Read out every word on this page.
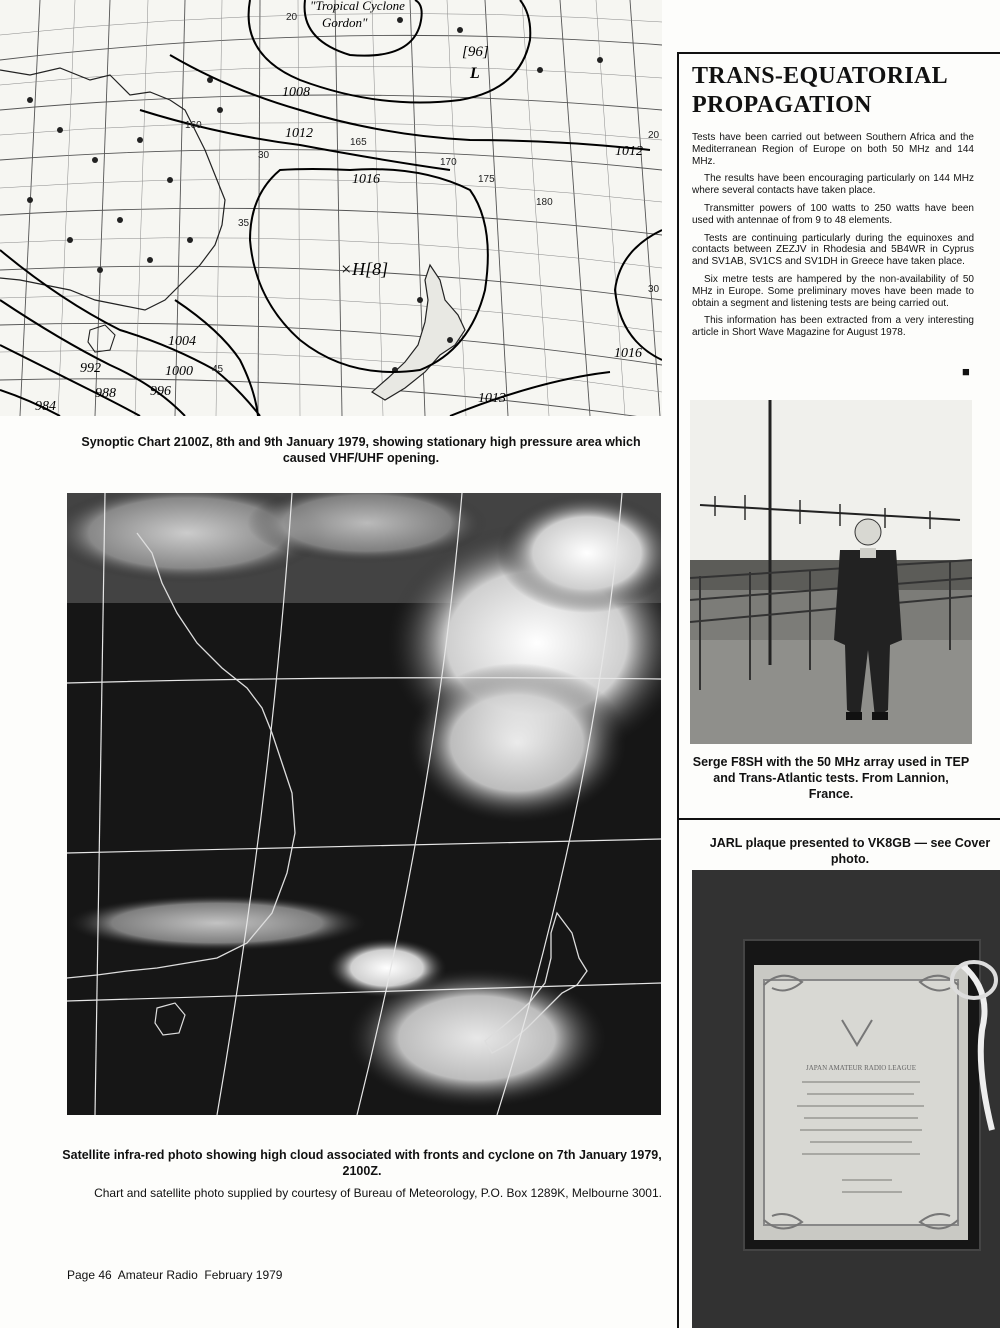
"Tropical Cyclone
Gordon"
[96]
L
×H[8]
1008
1012
1012
1016
1016
1004
1000
996
992
988
984
1013
160
165
170
175
180
20
30
35
45
30
20
Synoptic Chart 2100Z, 8th and 9th January 1979, showing stationary high pressure area which caused VHF/UHF opening.
Satellite infra-red photo showing high cloud associated with fronts and cyclone on 7th January 1979, 2100Z.
Chart and satellite photo supplied by courtesy of Bureau of Meteorology, P.O. Box 1289K, Melbourne 3001.
Page 46  Amateur Radio  February 1979
TRANS-EQUATORIAL
PROPAGATION

Tests have been carried out between Southern Africa and the Mediterranean Region of Europe on both 50 MHz and 144 MHz.

The results have been encouraging particularly on 144 MHz where several contacts have taken place.

Transmitter powers of 100 watts to 250 watts have been used with antennae of from 9 to 48 elements.

Tests are continuing particularly during the equinoxes and contacts between ZEZJV in Rhodesia and 5B4WR in Cyprus and SV1AB, SV1CS and SV1DH in Greece have taken place.

Six metre tests are hampered by the non-availability of 50 MHz in Europe. Some preliminary moves have been made to obtain a segment and listening tests are being carried out.

This information has been extracted from a very interesting article in Short Wave Magazine for August 1978.

■
Serge F8SH with the 50 MHz array used in TEP and Trans-Atlantic tests. From Lannion, France.
JARL plaque presented to VK8GB — see Cover photo.
JAPAN AMATEUR RADIO LEAGUE
